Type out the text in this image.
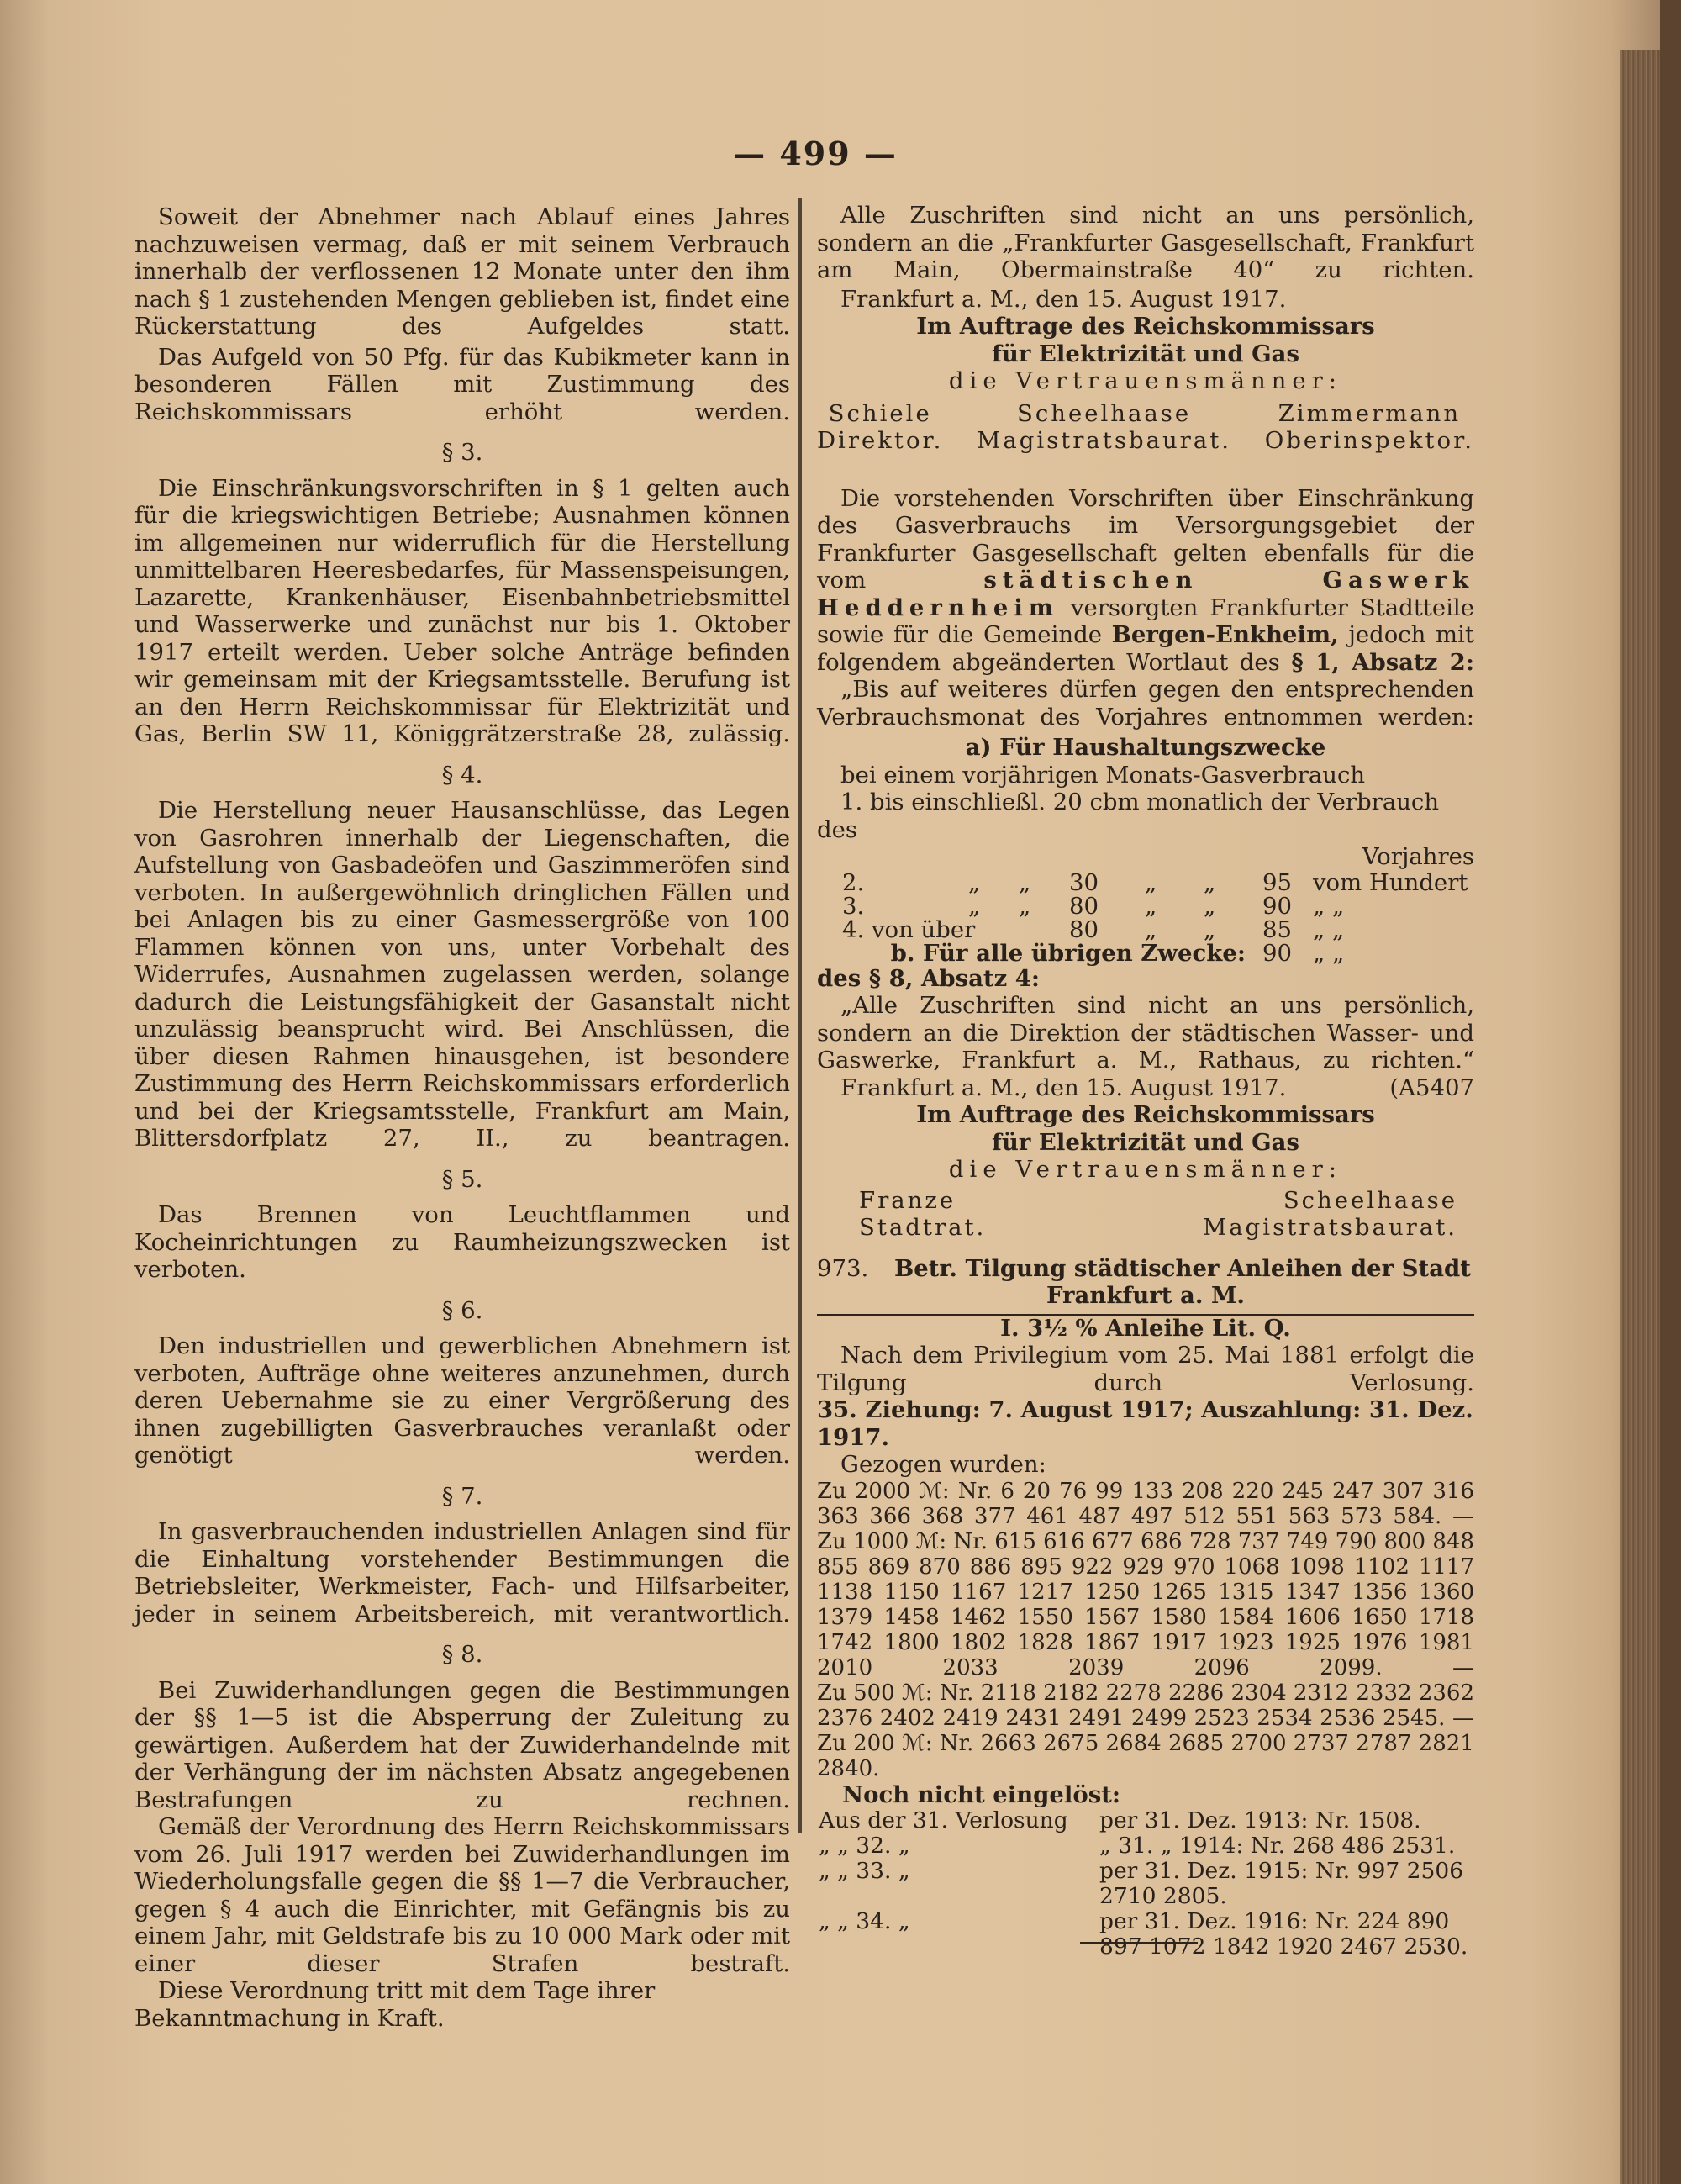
— 499 —

Soweit der Abnehmer nach Ablauf eines Jahres nachzuweisen vermag, daß er mit seinem Verbrauch innerhalb der verflossenen 12 Monate unter den ihm nach § 1 zustehenden Mengen geblieben ist, findet eine Rückerstattung des Aufgeldes statt.

Das Aufgeld von 50 Pfg. für das Kubikmeter kann in besonderen Fällen mit Zustimmung des Reichskommissars erhöht werden.

§ 3.

Die Einschränkungsvorschriften in § 1 gelten auch für die kriegswichtigen Betriebe; Ausnahmen können im allgemeinen nur widerruflich für die Herstellung unmittelbaren Heeresbedarfes, für Massenspeisungen, Lazarette, Krankenhäuser, Eisenbahnbetriebsmittel und Wasserwerke und zunächst nur bis 1. Oktober 1917 erteilt werden. Ueber solche Anträge befinden wir gemeinsam mit der Kriegsamtsstelle. Berufung ist an den Herrn Reichskommissar für Elektrizität und Gas, Berlin SW 11, Königgrätzerstraße 28, zulässig.

§ 4.

Die Herstellung neuer Hausanschlüsse, das Legen von Gasrohren innerhalb der Liegenschaften, die Aufstellung von Gasbadeöfen und Gaszimmeröfen sind verboten. In außergewöhnlich dringlichen Fällen und bei Anlagen bis zu einer Gasmessergröße von 100 Flammen können von uns, unter Vorbehalt des Widerrufes, Ausnahmen zugelassen werden, solange dadurch die Leistungsfähigkeit der Gasanstalt nicht unzulässig beansprucht wird. Bei Anschlüssen, die über diesen Rahmen hinausgehen, ist besondere Zustimmung des Herrn Reichskommissars erforderlich und bei der Kriegsamtsstelle, Frankfurt am Main, Blittersdorfplatz 27, II., zu beantragen.

§ 5.

Das Brennen von Leuchtflammen und Kocheinrichtungen zu Raumheizungszwecken ist verboten.

§ 6.

Den industriellen und gewerblichen Abnehmern ist verboten, Aufträge ohne weiteres anzunehmen, durch deren Uebernahme sie zu einer Vergrößerung des ihnen zugebilligten Gasverbrauches veranlaßt oder genötigt werden.

§ 7.

In gasverbrauchenden industriellen Anlagen sind für die Einhaltung vorstehender Bestimmungen die Betriebsleiter, Werkmeister, Fach- und Hilfsarbeiter, jeder in seinem Arbeitsbereich, mit verantwortlich.

§ 8.

Bei Zuwiderhandlungen gegen die Bestimmungen der §§ 1—5 ist die Absperrung der Zuleitung zu gewärtigen. Außerdem hat der Zuwiderhandelnde mit der Verhängung der im nächsten Absatz angegebenen Bestrafungen zu rechnen.

Gemäß der Verordnung des Herrn Reichskommissars vom 26. Juli 1917 werden bei Zuwiderhandlungen im Wiederholungsfalle gegen die §§ 1—7 die Verbraucher, gegen § 4 auch die Einrichter, mit Gefängnis bis zu einem Jahr, mit Geldstrafe bis zu 10 000 Mark oder mit einer dieser Strafen bestraft.

Diese Verordnung tritt mit dem Tage ihrer Bekanntmachung in Kraft.

Alle Zuschriften sind nicht an uns persönlich, sondern an die „Frankfurter Gasgesellschaft, Frankfurt am Main, Obermainstraße 40“ zu richten.

Frankfurt a. M., den 15. August 1917.

Im Auftrage des Reichskommissars

für Elektrizität und Gas

die Vertrauensmänner:

Schiele
Direktor.
Scheelhaase
Magistratsbaurat.
Zimmermann
Oberinspektor.

Die vorstehenden Vorschriften über Einschränkung des Gasverbrauchs im Versorgungsgebiet der Frankfurter Gasgesellschaft gelten ebenfalls für die vom	städtischen Gaswerk Heddernheim versorgten Frankfurter Stadtteile sowie für die Gemeinde Bergen-Enkheim, jedoch mit folgendem abgeänderten Wortlaut des § 1, Absatz 2:

„Bis auf weiteres dürfen gegen den entsprechenden Verbrauchsmonat des Vorjahres entnommen werden:

a) Für Haushaltungszwecke

bei einem vorjährigen Monats-Gasverbrauch

1. bis einschließl. 20 cbm monatlich der Verbrauch des

Vorjahres

2.	„	„	30	„	„	95	vom Hundert
3.	„	„	80	„	„	90	„ „
4. von über			80	„	„	85	„ „
b. Für alle übrigen Zwecke:						90	„ „

des § 8, Absatz 4:

„Alle Zuschriften sind nicht an uns persönlich, sondern an die Direktion der städtischen Wasser- und Gaswerke, Frankfurt a. M., Rathaus, zu richten.“

Frankfurt a. M., den 15. August 1917.	(A5407

Im Auftrage des Reichskommissars

für Elektrizität und Gas

die Vertrauensmänner:

Franze
Stadtrat.
Scheelhaase
Magistratsbaurat.

973. Betr. Tilgung städtischer Anleihen der Stadt

Frankfurt a. M.

I. 3½ % Anleihe Lit. Q.

Nach dem Privilegium vom 25. Mai 1881 erfolgt die Tilgung durch Verlosung.

35. Ziehung: 7. August 1917; Auszahlung: 31. Dez. 1917.

Gezogen wurden:

Zu 2000 ℳ: Nr. 6 20 76 99 133 208 220 245 247 307 316 363 366 368 377 461 487 497 512 551 563 573 584. —

Zu 1000 ℳ: Nr. 615 616 677 686 728 737 749 790 800 848 855 869 870 886 895 922 929 970 1068 1098 1102 1117 1138 1150 1167 1217 1250 1265 1315 1347 1356 1360 1379 1458 1462 1550 1567 1580 1584 1606 1650 1718 1742 1800 1802 1828 1867 1917 1923 1925 1976 1981 2010 2033 2039 2096 2099. —

Zu 500 ℳ: Nr. 2118 2182 2278 2286 2304 2312 2332 2362 2376 2402 2419 2431 2491 2499 2523 2534 2536 2545. —

Zu 200 ℳ: Nr. 2663 2675 2684 2685 2700 2737 2787 2821 2840.

Noch nicht eingelöst:

Aus der 31. Verlosung	per 31. Dez. 1913: Nr. 1508.
„ „ 32. „	„ 31. „ 1914: Nr. 268 486 2531.
„ „ 33. „	per 31. Dez. 1915: Nr. 997 2506 2710 2805.
„ „ 34. „	per 31. Dez. 1916: Nr. 224 890 897 1072 1842 1920 2467 2530.
